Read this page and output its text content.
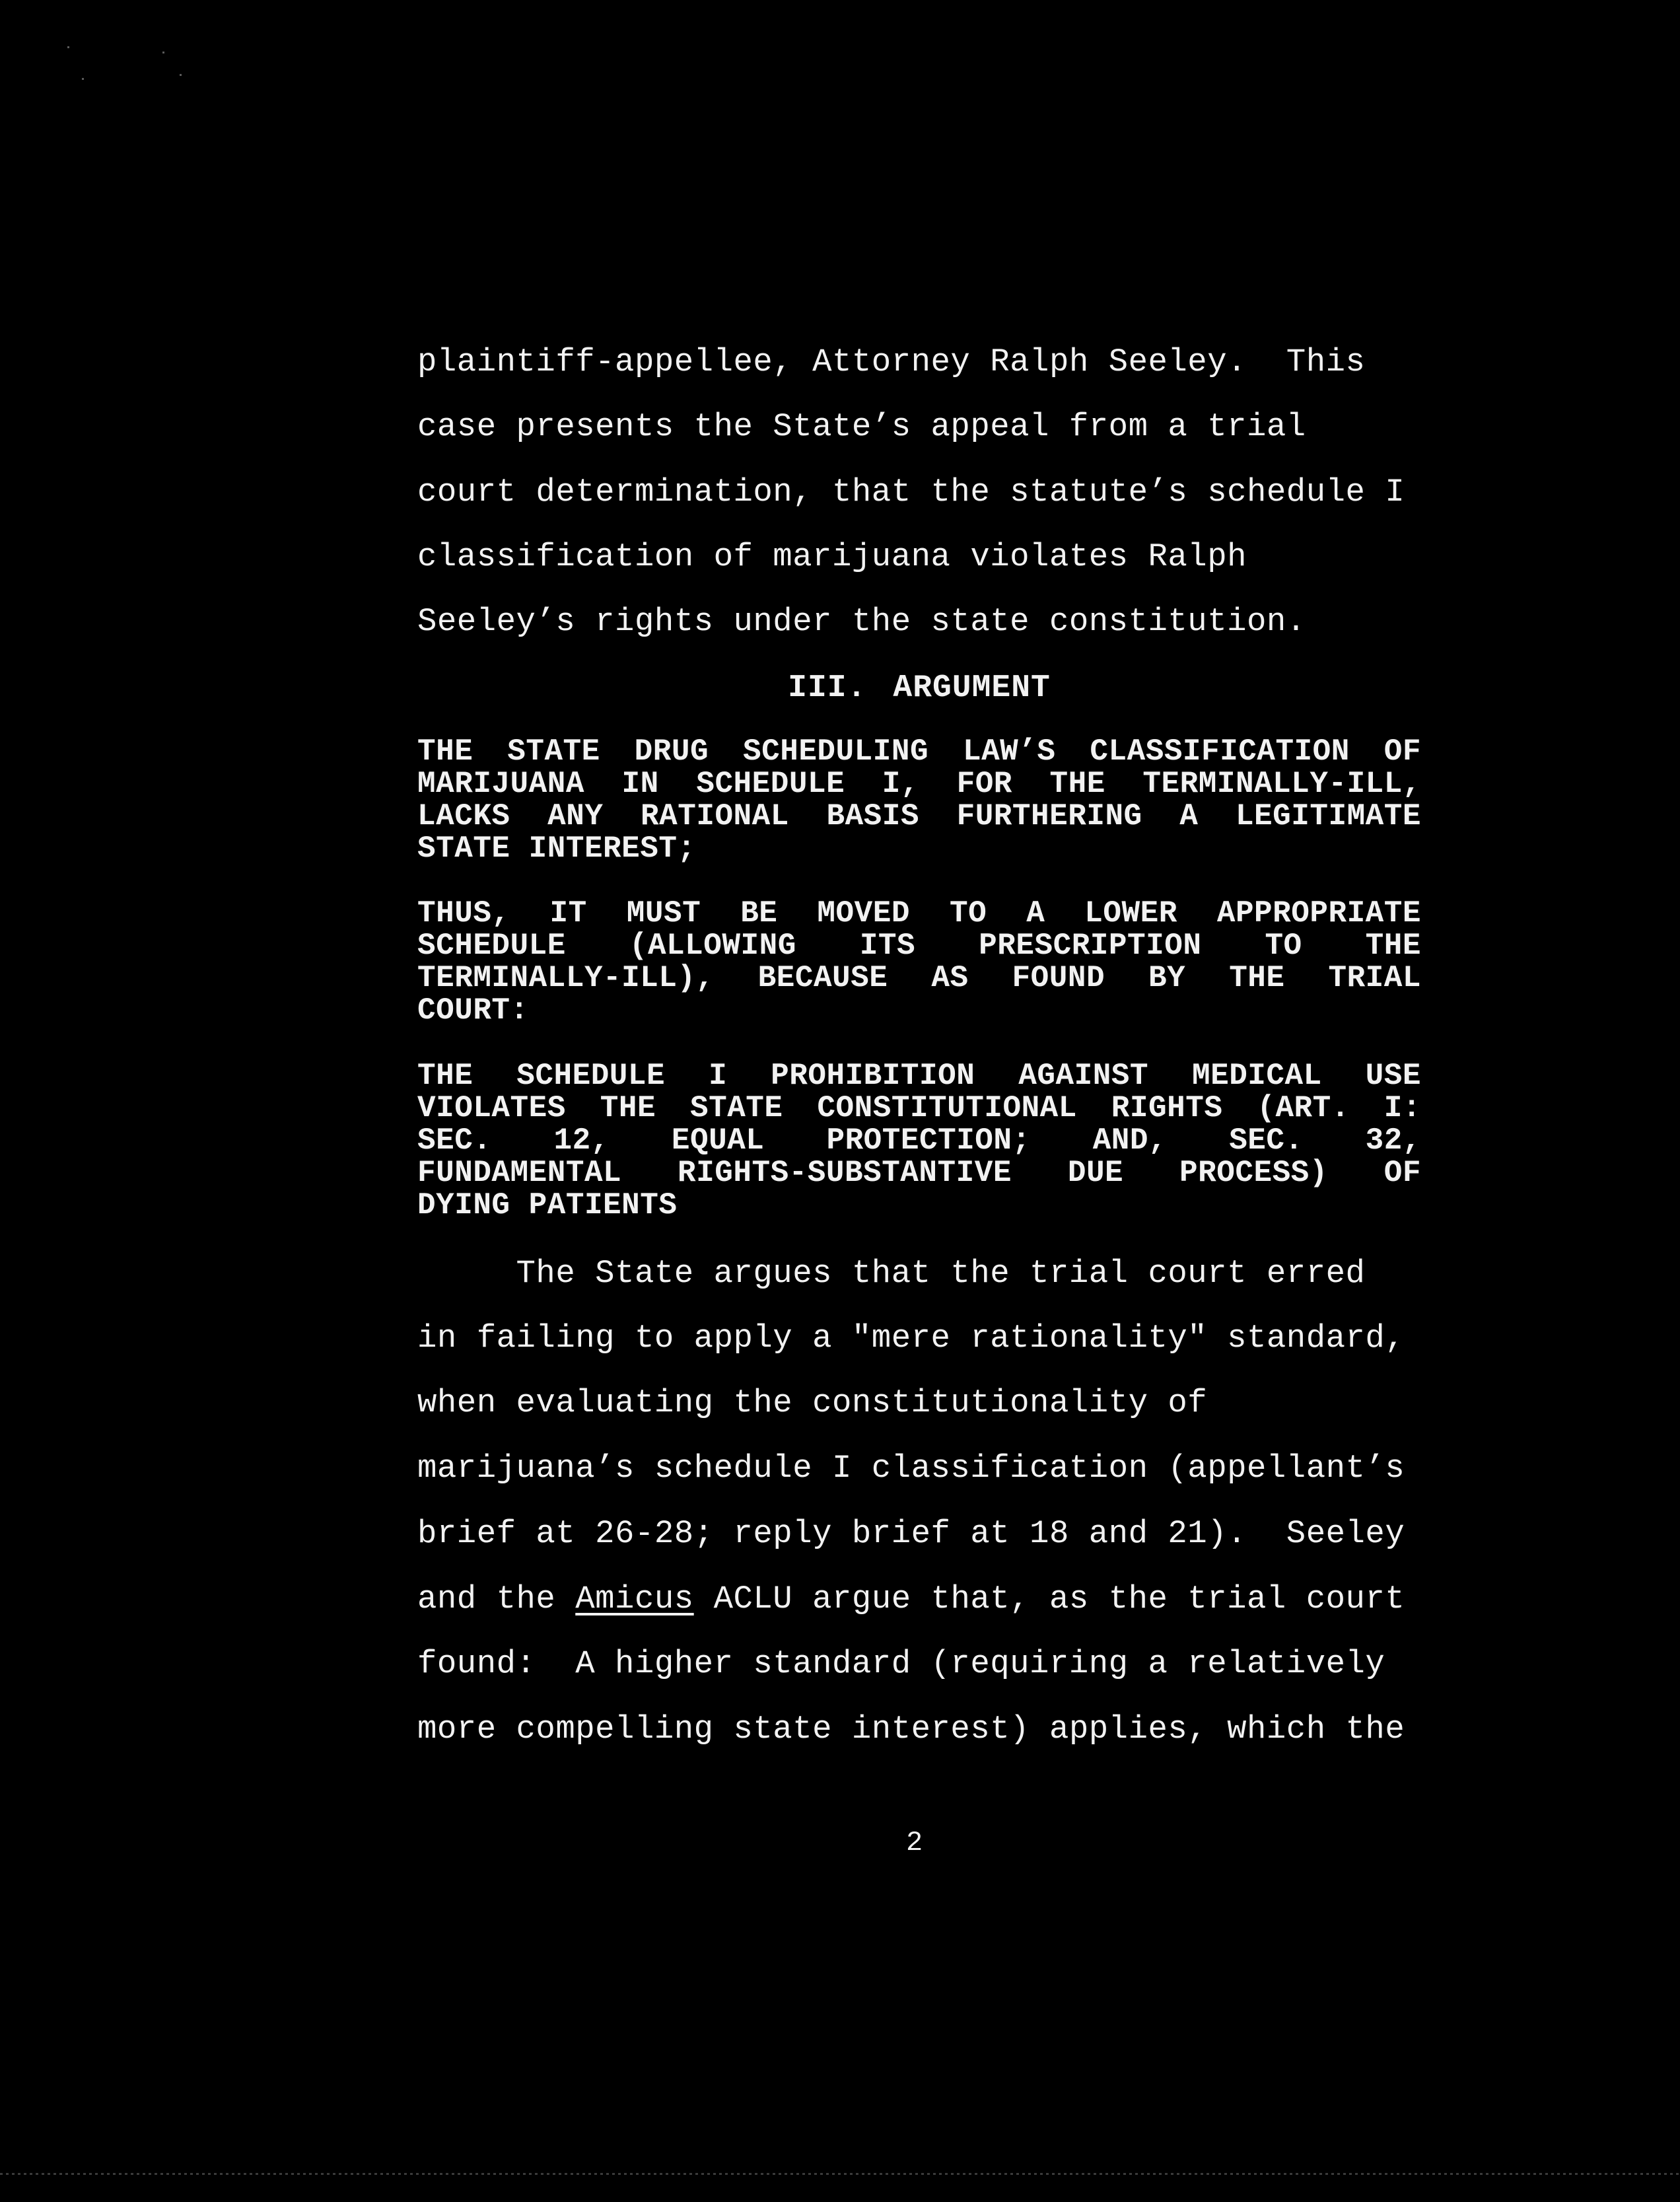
plaintiff-appellee, Attorney Ralph Seeley.  This
case presents the State’s appeal from a trial
court determination, that the statute’s schedule I
classification of marijuana violates Ralph
Seeley’s rights under the state constitution.
III. ARGUMENT
THE STATE DRUG SCHEDULING LAW’S CLASSIFICATION OF
MARIJUANA IN SCHEDULE I, FOR THE TERMINALLY-ILL,
LACKS ANY RATIONAL BASIS FURTHERING A LEGITIMATE
STATE INTEREST;
THUS, IT MUST BE MOVED TO A LOWER APPROPRIATE
SCHEDULE (ALLOWING ITS PRESCRIPTION TO THE
TERMINALLY-ILL), BECAUSE AS FOUND BY THE TRIAL
COURT:
THE SCHEDULE I PROHIBITION AGAINST MEDICAL USE
VIOLATES THE STATE CONSTITUTIONAL RIGHTS (ART. I:
SEC. 12, EQUAL PROTECTION; AND, SEC. 32,
FUNDAMENTAL RIGHTS-SUBSTANTIVE DUE PROCESS) OF
DYING PATIENTS
The State argues that the trial court erred
in failing to apply a "mere rationality" standard,
when evaluating the constitutionality of
marijuana’s schedule I classification (appellant’s
brief at 26-28; reply brief at 18 and 21).  Seeley
and the Amicus ACLU argue that, as the trial court
found:  A higher standard (requiring a relatively
more compelling state interest) applies, which the
2
